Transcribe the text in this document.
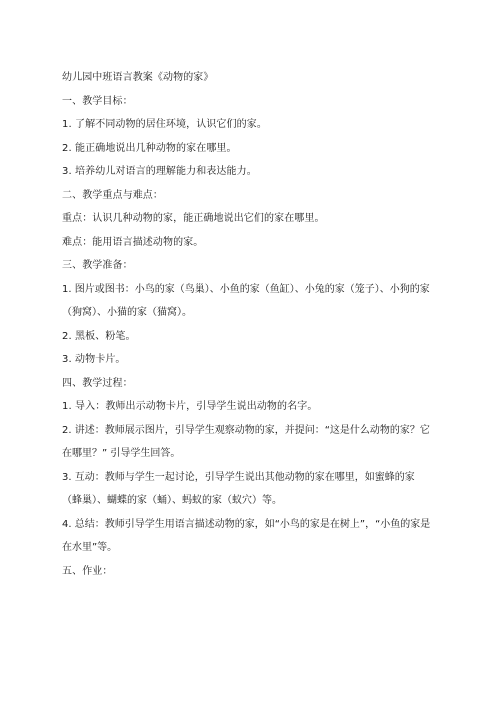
幼儿园中班语言教案《动物的家》
一、教学目标：
1. 了解不同动物的居住环境，认识它们的家。
2. 能正确地说出几种动物的家在哪里。
3. 培养幼儿对语言的理解能力和表达能力。
二、教学重点与难点：
重点：认识几种动物的家，能正确地说出它们的家在哪里。
难点：能用语言描述动物的家。
三、教学准备：
1. 图片或图书：小鸟的家（鸟巢）、小鱼的家（鱼缸）、小兔的家（笼子）、小狗的家（狗窝）、小猫的家（猫窝）。
2. 黑板、粉笔。
3. 动物卡片。
四、教学过程：
1. 导入：教师出示动物卡片，引导学生说出动物的名字。
2. 讲述：教师展示图片，引导学生观察动物的家，并提问：“这是什么动物的家？它在哪里？” 引导学生回答。
3. 互动：教师与学生一起讨论，引导学生说出其他动物的家在哪里，如蜜蜂的家（蜂巢）、蝴蝶的家（蛹）、蚂蚁的家（蚁穴）等。
4. 总结：教师引导学生用语言描述动物的家，如“小鸟的家是在树上”，“小鱼的家是在水里”等。
五、作业：
